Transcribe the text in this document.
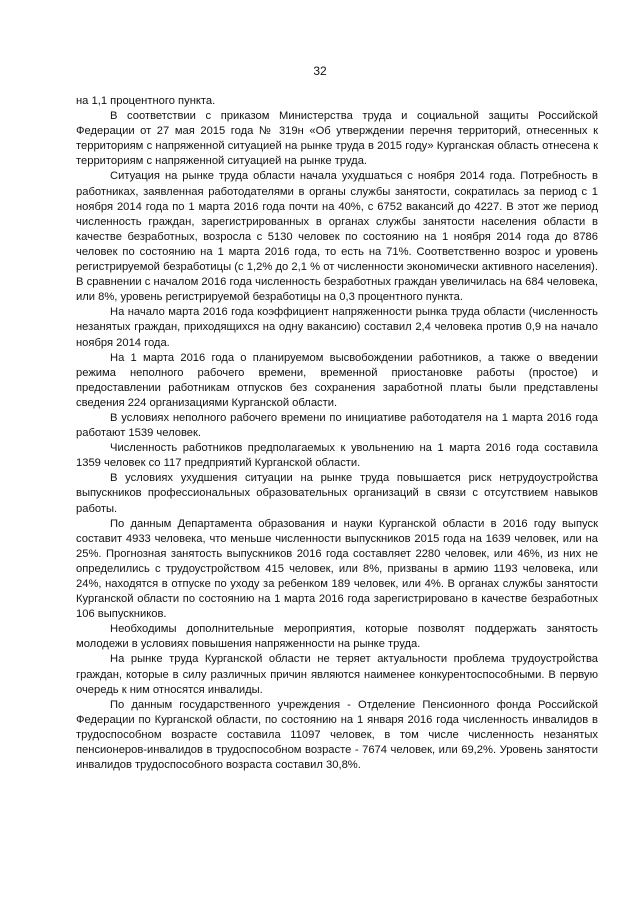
32

на 1,1 процентного пункта.

В соответствии с приказом Министерства труда и социальной защиты Российской Федерации от 27 мая 2015 года № 319н «Об утверждении перечня территорий, отнесенных к территориям с напряженной ситуацией на рынке труда в 2015 году» Курганская область отнесена к территориям с напряженной ситуацией на рынке труда.

Ситуация на рынке труда области начала ухудшаться с ноября 2014 года. Потребность в работниках, заявленная работодателями в органы службы занятости, сократилась за период с 1 ноября 2014 года по 1 марта 2016 года почти на 40%, с 6752 вакансий до 4227. В этот же период численность граждан, зарегистрированных в органах службы занятости населения области в качестве безработных, возросла с 5130 человек по состоянию на 1 ноября 2014 года до 8786 человек по состоянию на 1 марта 2016 года, то есть на 71%. Соответственно возрос и уровень регистрируемой безработицы (с 1,2% до 2,1 % от численности экономически активного населения). В сравнении с началом 2016 года численность безработных граждан увеличилась на 684 человека, или 8%, уровень регистрируемой безработицы на 0,3 процентного пункта.

На начало марта 2016 года коэффициент напряженности рынка труда области (численность незанятых граждан, приходящихся на одну вакансию) составил 2,4 человека против 0,9 на начало ноября 2014 года.

На 1 марта 2016 года о планируемом высвобождении работников, а также о введении режима неполного рабочего времени, временной приостановке работы (простое) и предоставлении работникам отпусков без сохранения заработной платы были представлены сведения 224 организациями Курганской области.

В условиях неполного рабочего времени по инициативе работодателя на 1 марта 2016 года работают 1539 человек.

Численность работников предполагаемых к увольнению на 1 марта 2016 года составила 1359 человек со 117 предприятий Курганской области.

В условиях ухудшения ситуации на рынке труда повышается риск нетрудоустройства выпускников профессиональных образовательных организаций в связи с отсутствием навыков работы.

По данным Департамента образования и науки Курганской области в 2016 году выпуск составит 4933 человека, что меньше численности выпускников 2015 года на 1639 человек, или на 25%. Прогнозная занятость выпускников 2016 года составляет 2280 человек, или 46%, из них не определились с трудоустройством 415 человек, или 8%, призваны в армию 1193 человека, или 24%, находятся в отпуске по уходу за ребенком 189 человек, или 4%. В органах службы занятости Курганской области по состоянию на 1 марта 2016 года зарегистрировано в качестве безработных 106 выпускников.

Необходимы дополнительные мероприятия, которые позволят поддержать занятость молодежи в условиях повышения напряженности на рынке труда.

На рынке труда Курганской области не теряет актуальности проблема трудоустройства граждан, которые в силу различных причин являются наименее конкурентоспособными. В первую очередь к ним относятся инвалиды.

По данным государственного учреждения - Отделение Пенсионного фонда Российской Федерации по Курганской области, по состоянию на 1 января 2016 года численность инвалидов в трудоспособном возрасте составила 11097 человек, в том числе численность незанятых пенсионеров-инвалидов в трудоспособном возрасте - 7674 человек, или 69,2%. Уровень занятости инвалидов трудоспособного возраста составил 30,8%.
